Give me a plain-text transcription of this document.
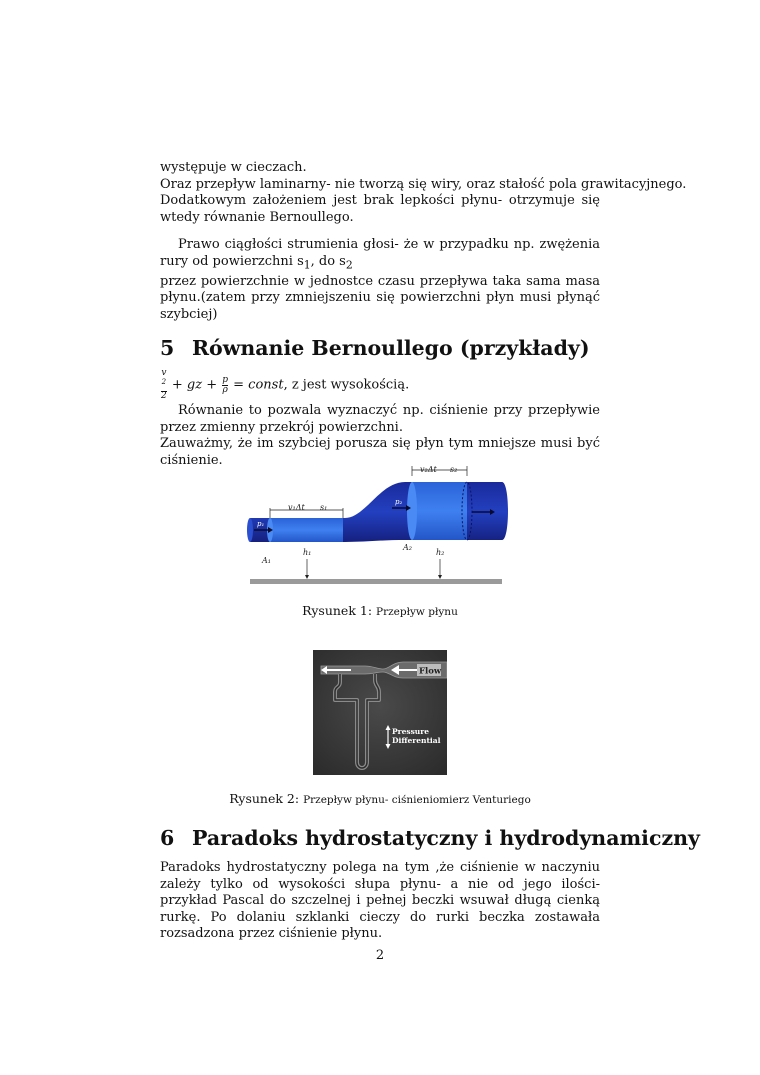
występuje w cieczach.

Oraz przepływ laminarny- nie tworzą się wiry, oraz stałość pola grawitacyjnego.

Dodatkowym założeniem jest brak lepkości płynu- otrzymuje się wtedy równanie Bernoullego.

Prawo ciągłości strumienia głosi- że w przypadku np. zwężenia rury od powierzchni $s_1$, do $s_2$

przez powierzchnie w jednostce czasu przepływa taka sama masa płynu.(zatem przy zmniejszeniu się powierzchni płyn musi płynąć szybciej)

5 Równanie Bernoullego (przykłady)
v
$^2$
2 + gz + $\frac{p}{\rho}$ = const, z jest wysokością.

Równanie to pozwala wyznaczyć np. ciśnienie przy przepływie przez zmienny przekrój powierzchni.

Zauważmy, że im szybciej porusza się płyn tym mniejsze musi być ciśnienie.

v₁Δt s₁
v₂Δt s₂
p₁
p₂
A₁
A₂
h₁	h₂
Rysunek 1: Przepływ płynu
Flow
Pressure
Differential
Rysunek 2: Przepływ płynu- ciśnieniomierz Venturiego
6 Paradoks hydrostatyczny i hydrodynamiczny

Paradoks hydrostatyczny polega na tym ,że ciśnienie w naczyniu zależy tylko od wysokości słupa płynu- a nie od jego ilości- przykład Pascal do szczelnej i pełnej beczki wsuwał długą cienką rurkę. Po dolaniu szklanki cieczy do rurki beczka zostawała rozsadzona przez ciśnienie płynu.

2
